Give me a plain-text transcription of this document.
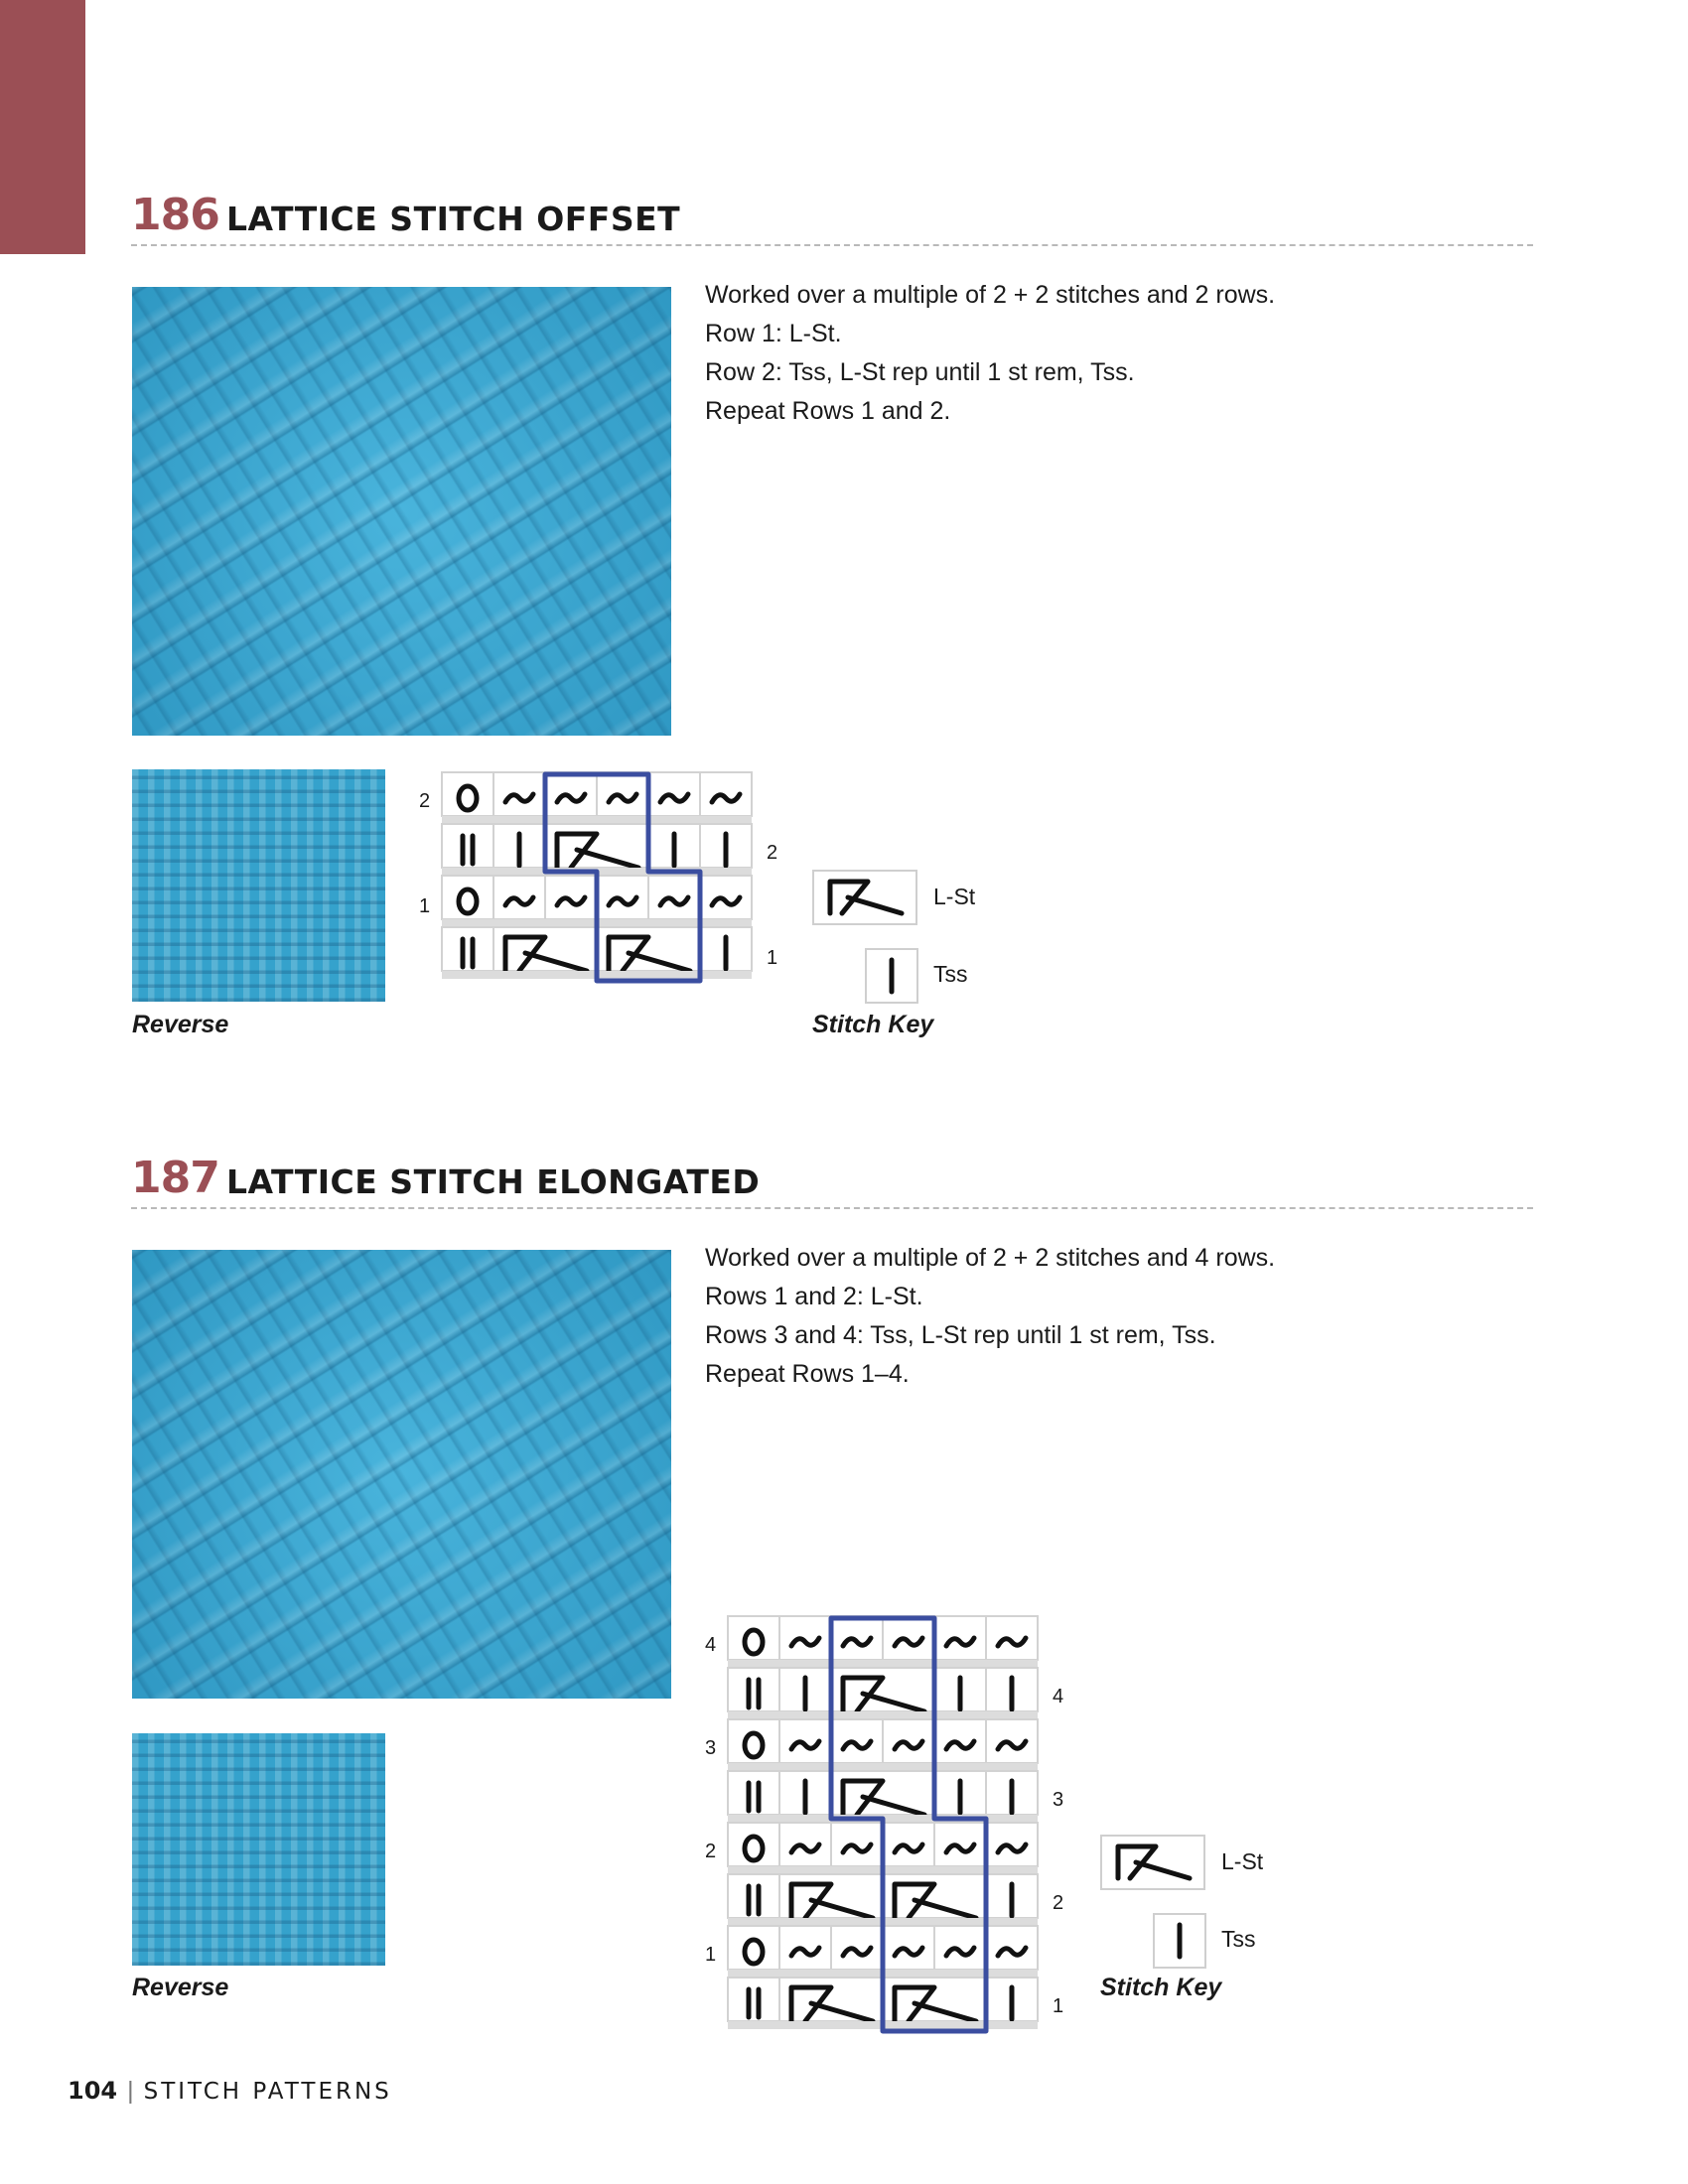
186 LATTICE STITCH OFFSET
Worked over a multiple of 2 + 2 stitches and 2 rows.
Row 1: L-St.
Row 2: Tss, L-St rep until 1 st rem, Tss.
Repeat Rows 1 and 2.
Reverse
2
1
2
1
L-St
Tss
Stitch Key
187 LATTICE STITCH ELONGATED
Worked over a multiple of 2 + 2 stitches and 4 rows.
Rows 1 and 2: L-St.
Rows 3 and 4: Tss, L-St rep until 1 st rem, Tss.
Repeat Rows 1–4.
Reverse
4
3
2
1
4
3
2
1
L-St
Tss
Stitch Key
104 | STITCH PATTERNS
